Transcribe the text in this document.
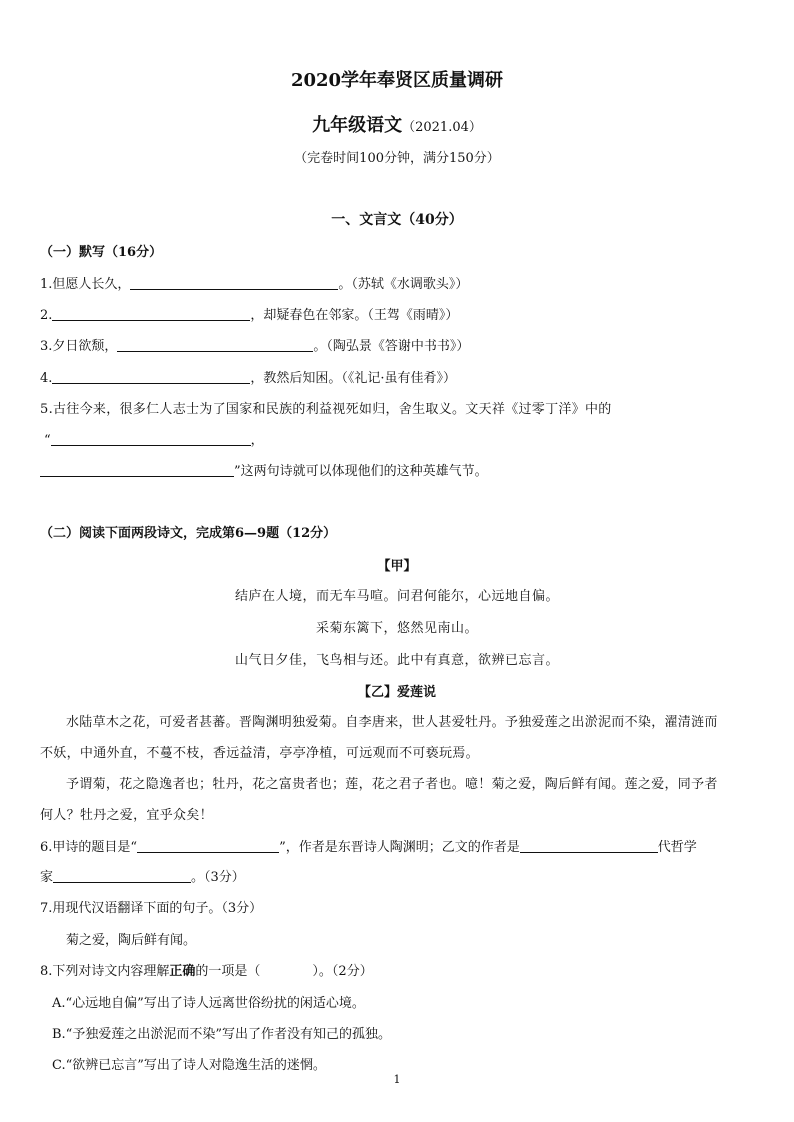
2020学年奉贤区质量调研
九年级语文（2021.04）
（完卷时间100分钟，满分150分）
一、文言文（40分）
（一）默写（16分）
1.但愿人长久，	。（苏轼《水调歌头》）
2.	，却疑春色在邻家。（王驾《雨晴》）
3.夕日欲颓，	。（陶弘景《答谢中书书》）
4.	，教然后知困。（《礼记·虽有佳肴》）
5.古往今来，很多仁人志士为了国家和民族的利益视死如归，舍生取义。文天祥《过零丁洋》中的
“	，
”这两句诗就可以体现他们的这种英雄气节。
（二）阅读下面两段诗文，完成第6—9题（12分）
【甲】
结庐在人境，而无车马喧。问君何能尔，心远地自偏。
采菊东篱下，悠然见南山。
山气日夕佳，飞鸟相与还。此中有真意，欲辨已忘言。
【乙】爱莲说
水陆草木之花，可爱者甚蕃。晋陶渊明独爱菊。自李唐来，世人甚爱牡丹。予独爱莲之出淤泥而不染，濯清涟而
不妖，中通外直，不蔓不枝，香远益清，亭亭净植，可远观而不可亵玩焉。
予谓菊，花之隐逸者也；牡丹，花之富贵者也；莲，花之君子者也。噫！菊之爱，陶后鲜有闻。莲之爱，同予者
何人？牡丹之爱，宜乎众矣！
6.甲诗的题目是“	”，作者是东晋诗人陶渊明；乙文的作者是	代哲学
家	。（3分）
7.用现代汉语翻译下面的句子。（3分）
菊之爱，陶后鲜有闻。
8.下列对诗文内容理解正确的一项是（　　　　）。（2分）
A.“心远地自偏”写出了诗人远离世俗纷扰的闲适心境。
B.“予独爱莲之出淤泥而不染”写出了作者没有知己的孤独。
C.“欲辨已忘言”写出了诗人对隐逸生活的迷惘。
1
